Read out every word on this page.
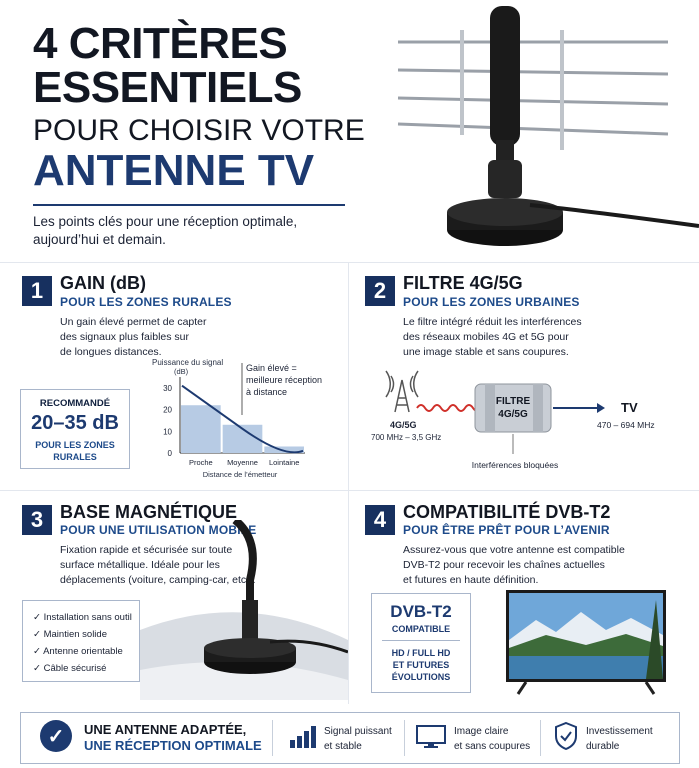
4 CRITÈRES
ESSENTIELS
POUR CHOISIR VOTRE
ANTENNE TV
Les points clés pour une réception optimale,
aujourd’hui et demain.
1 GAIN (dB)
POUR LES ZONES RURALES
Un gain élevé permet de capter
des signaux plus faibles sur
de longues distances.
RECOMMANDÉ
20–35 dB
POUR LES ZONES
RURALES
Puissance du signal
(dB)
30
20
10
0
Proche Moyenne Lointaine
Distance de l’émetteur
Gain élevé =
meilleure réception
à distance
2 FILTRE 4G/5G
POUR LES ZONES URBAINES
Le filtre intégré réduit les interférences
des réseaux mobiles 4G et 5G pour
une image stable et sans coupures.
4G/5G
700 MHz – 3,5 GHz
FILTRE
4G/5G	TV
470 – 694 MHz
Interférences bloquées
3 BASE MAGNÉTIQUE
POUR UNE UTILISATION MOBILE
Fixation rapide et sécurisée sur toute
surface métallique. Idéale pour les
déplacements (voiture, camping-car, etc.).
✓ Installation sans outil
✓ Maintien solide
✓ Antenne orientable
✓ Câble sécurisé
4 COMPATIBILITÉ DVB-T2
POUR ÊTRE PRÊT POUR L’AVENIR
Assurez-vous que votre antenne est compatible
DVB-T2 pour recevoir les chaînes actuelles
et futures en haute définition.
DVB-T2
COMPATIBLE
HD / FULL HD
ET FUTURES
ÉVOLUTIONS
✓	UNE ANTENNE ADAPTÉE,
UNE RÉCEPTION OPTIMALE
Signal puissant
et stable
Image claire
et sans coupures
Investissement
durable
